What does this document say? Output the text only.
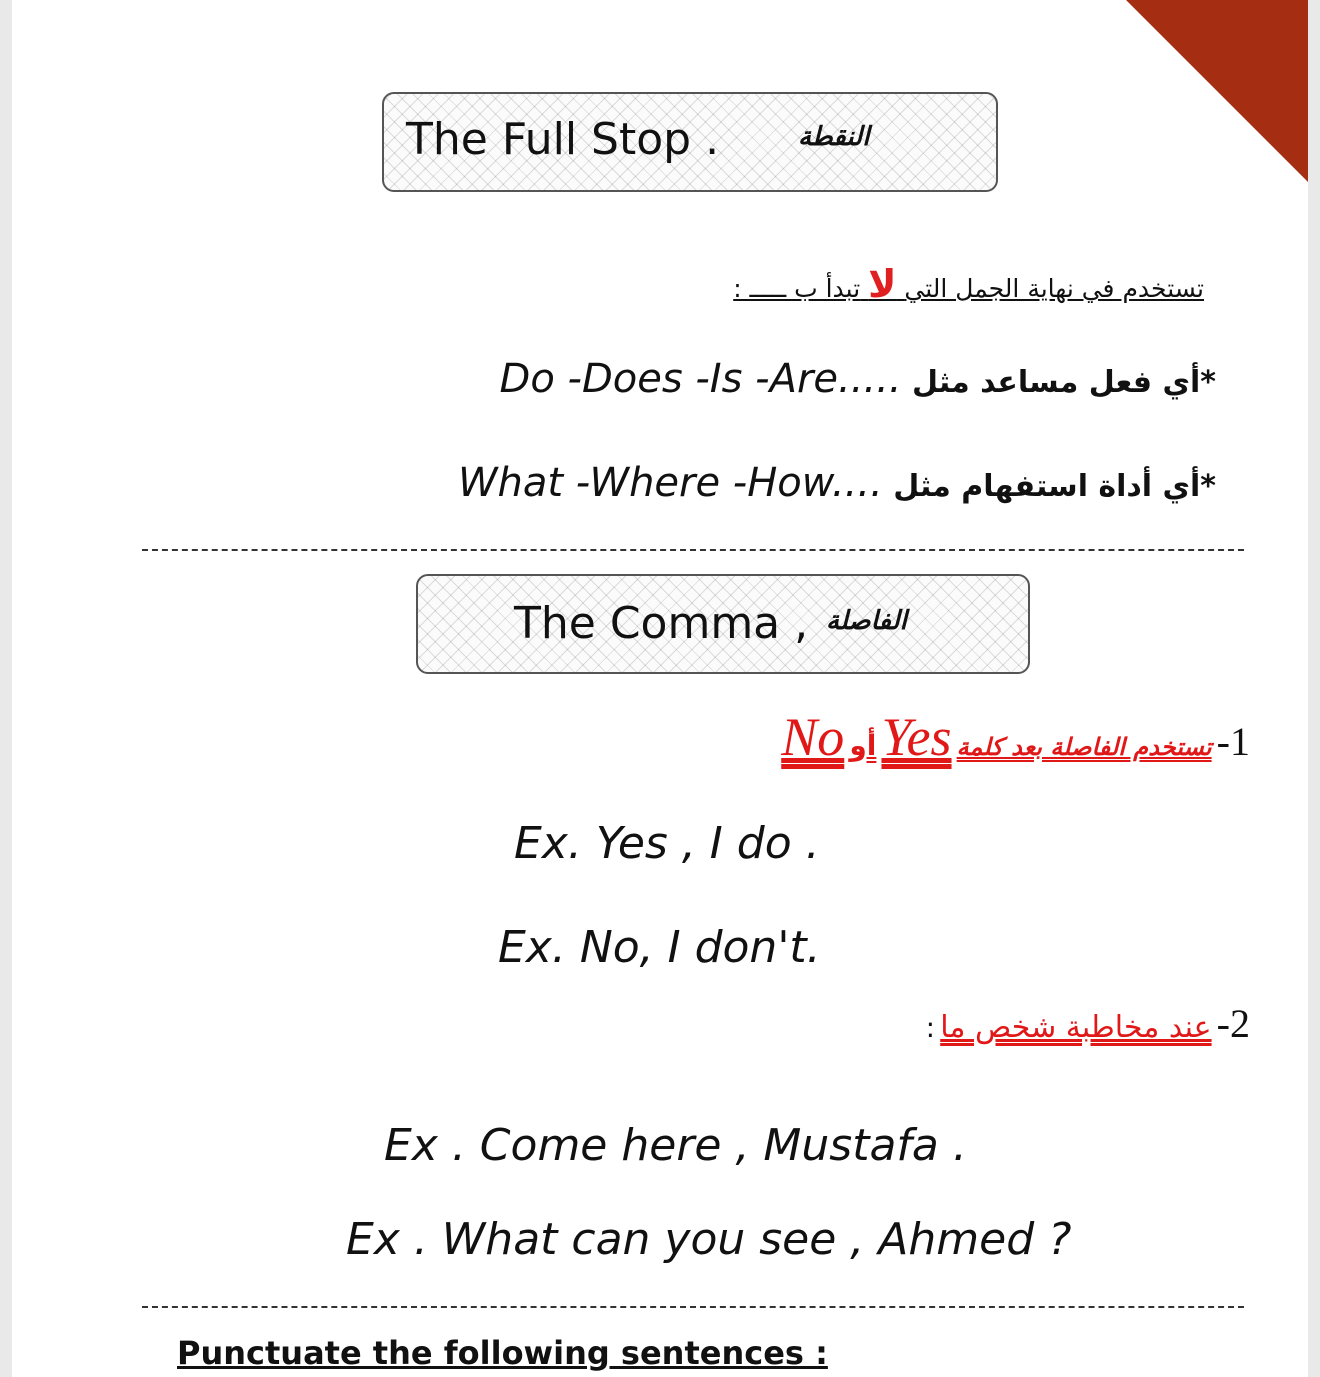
The Full Stop .	النقطة
تستخدم في نهاية الجمل التي لا تبدأ ب ـــــ :
*أي فعل مساعد مثل Do -Does -Is -Are.....
*أي أداة استفهام مثل What -Where -How....
The Comma , الفاصلة
1- تستخدم الفاصلة بعد كلمة Yes أو No
Ex. Yes , I do .
Ex. No, I don't.
2- عند مخاطبة شخص ما :
Ex . Come here , Mustafa .
Ex . What can you see , Ahmed ?
Punctuate the following sentences :
